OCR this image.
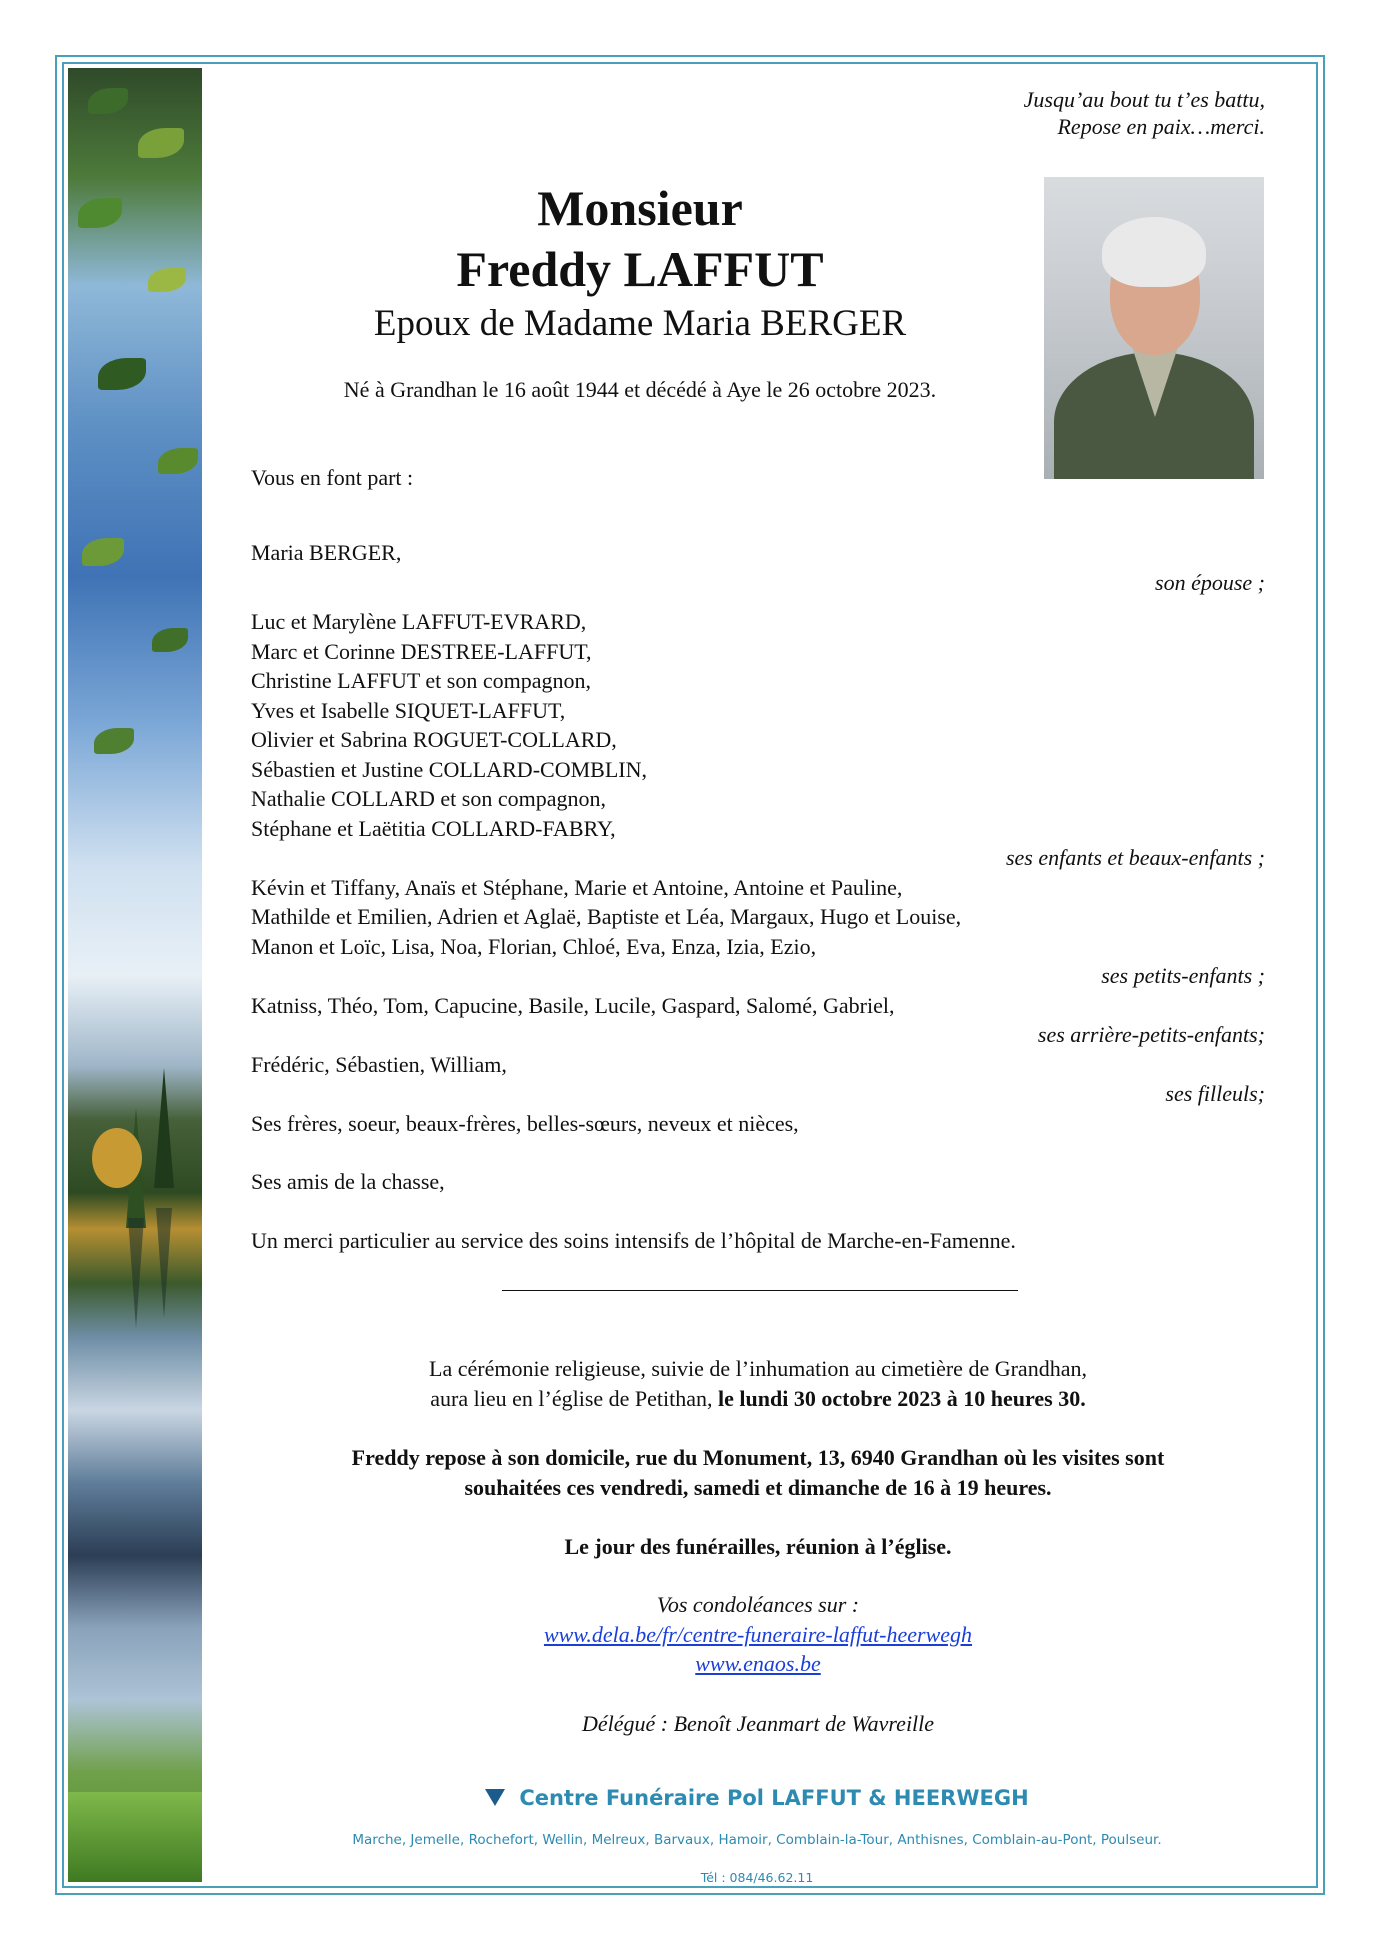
Jusqu’au bout tu t’es battu,
Repose en paix…merci.
Monsieur
Freddy LAFFUT
Epoux de Madame Maria BERGER
Né à Grandhan le 16 août 1944 et décédé à Aye le 26 octobre 2023.
Vous en font part :
Maria BERGER,
son épouse ;
Luc et Marylène LAFFUT-EVRARD,
Marc et Corinne DESTREE-LAFFUT,
Christine LAFFUT et son compagnon,
Yves et Isabelle SIQUET-LAFFUT,
Olivier et Sabrina ROGUET-COLLARD,
Sébastien et Justine COLLARD-COMBLIN,
Nathalie COLLARD et son compagnon,
Stéphane et Laëtitia COLLARD-FABRY,
ses enfants et beaux-enfants ;
Kévin et Tiffany, Anaïs et Stéphane, Marie et Antoine, Antoine et Pauline,
Mathilde et Emilien, Adrien et Aglaë, Baptiste et Léa, Margaux, Hugo et Louise,
Manon et Loïc, Lisa, Noa, Florian, Chloé, Eva, Enza, Izia, Ezio,
ses petits-enfants ;
Katniss, Théo, Tom, Capucine, Basile, Lucile, Gaspard, Salomé, Gabriel,
ses arrière-petits-enfants;
Frédéric, Sébastien, William,
ses filleuls;
Ses frères, soeur, beaux-frères, belles-sœurs, neveux et nièces,
Ses amis de la chasse,
Un merci particulier au service des soins intensifs de l’hôpital de Marche-en-Famenne.
La cérémonie religieuse, suivie de l’inhumation au cimetière de Grandhan,
aura lieu en l’église de Petithan, le lundi 30 octobre 2023 à 10 heures 30.
Freddy repose à son domicile, rue du Monument, 13, 6940 Grandhan où les visites sont
souhaitées ces vendredi, samedi et dimanche de 16 à 19 heures.
Le jour des funérailles, réunion à l’église.
Vos condoléances sur :
www.dela.be/fr/centre-funeraire-laffut-heerwegh
www.enaos.be
Délégué : Benoît Jeanmart de Wavreille
Centre Funéraire Pol LAFFUT & HEERWEGH
Marche, Jemelle, Rochefort, Wellin, Melreux, Barvaux, Hamoir, Comblain-la-Tour, Anthisnes, Comblain-au-Pont, Poulseur.
Tél : 084/46.62.11
